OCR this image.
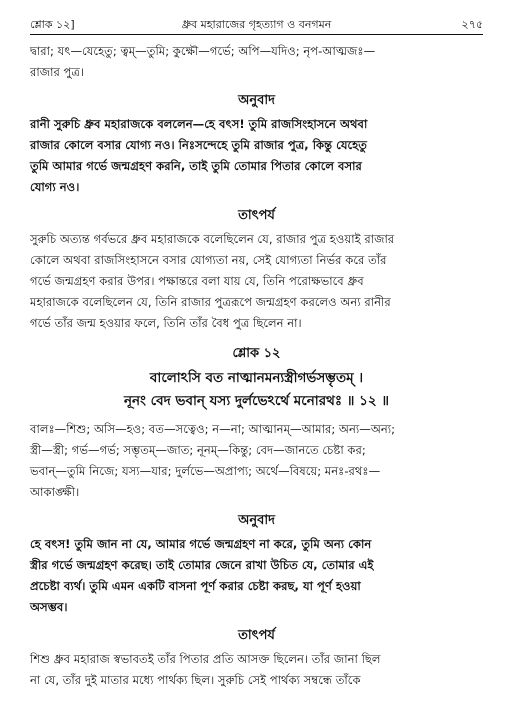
শ্লোক ১২]	ধ্রুব মহারাজের গৃহত্যাগ ও বনগমন	২৭৫

দ্বারা; যৎ—যেহেতু; ত্বম্—তুমি; কুক্ষৌ—গর্ভে; অপি—যদিও; নৃপ-আত্মজঃ—

রাজার পুত্র।

অনুবাদ

রানী সুরুচি ধ্রুব মহারাজকে বললেন—হে বৎস! তুমি রাজসিংহাসনে অথবা

রাজার কোলে বসার যোগ্য নও। নিঃসন্দেহে তুমি রাজার পুত্র, কিন্তু যেহেতু

তুমি আমার গর্ভে জন্মগ্রহণ করনি, তাই তুমি তোমার পিতার কোলে বসার

যোগ্য নও।

তাৎপর্য

সুরুচি অত্যন্ত গর্বভরে ধ্রুব মহারাজকে বলেছিলেন যে, রাজার পুত্র হওয়াই রাজার

কোলে অথবা রাজসিংহাসনে বসার যোগ্যতা নয়, সেই যোগ্যতা নির্ভর করে তাঁর

গর্ভে জন্মগ্রহণ করার উপর। পক্ষান্তরে বলা যায় যে, তিনি পরোক্ষভাবে ধ্রুব

মহারাজকে বলেছিলেন যে, তিনি রাজার পুত্ররূপে জন্মগ্রহণ করলেও অন্য রানীর

গর্ভে তাঁর জন্ম হওয়ার ফলে, তিনি তাঁর বৈধ পুত্র ছিলেন না।

শ্লোক ১২

বালোঽসি বত নাত্মানমন্যস্ত্রীগর্ভসম্ভৃতম্ ।

নূনং বেদ ভবান্ যস্য দুর্লভেঽর্থে মনোরথঃ ॥ ১২ ॥

বালঃ—শিশু; অসি—হও; বত—সত্বেও; ন—না; আত্মানম্—আমার; অন্য—অন্য;

স্ত্রী—স্ত্রী; গর্ভ—গর্ভ; সম্ভৃতম্—জাত; নূনম্—কিন্তু; বেদ—জানতে চেষ্টা কর;

ভবান্—তুমি নিজে; যস্য—যার; দুর্লভে—অপ্রাপ্য; অর্থে—বিষয়ে; মনঃ-রথঃ—

আকাঙ্ক্ষী।

অনুবাদ

হে বৎস! তুমি জান না যে, আমার গর্ভে জন্মগ্রহণ না করে, তুমি অন্য কোন

স্ত্রীর গর্ভে জন্মগ্রহণ করেছ। তাই তোমার জেনে রাখা উচিত যে, তোমার এই

প্রচেষ্টা ব্যর্থ। তুমি এমন একটি বাসনা পূর্ণ করার চেষ্টা করছ, যা পূর্ণ হওয়া

অসম্ভব।

তাৎপর্য

শিশু ধ্রুব মহারাজ স্বভাবতই তাঁর পিতার প্রতি আসক্ত ছিলেন। তাঁর জানা ছিল

না যে, তাঁর দুই মাতার মধ্যে পার্থক্য ছিল। সুরুচি সেই পার্থক্য সম্বন্ধে তাঁকে
